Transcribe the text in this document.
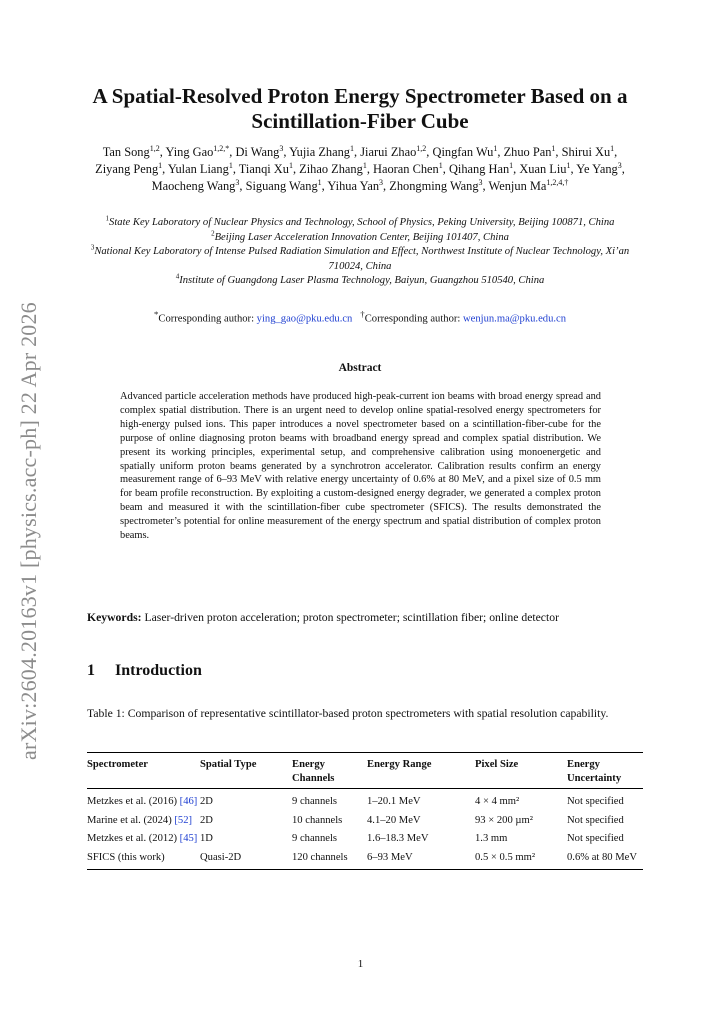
arXiv:2604.20163v1 [physics.acc-ph] 22 Apr 2026
A Spatial-Resolved Proton Energy Spectrometer Based on a Scintillation-Fiber Cube
Tan Song$^{1,2}$, Ying Gao$^{1,2,*}$, Di Wang$^3$, Yujia Zhang$^1$, Jiarui Zhao$^{1,2}$, Qingfan Wu$^1$, Zhuo Pan$^1$, Shirui Xu$^1$, Ziyang Peng$^1$, Yulan Liang$^1$, Tianqi Xu$^1$, Zihao Zhang$^1$, Haoran Chen$^1$, Qihang Han$^1$, Xuan Liu$^1$, Ye Yang$^3$, Maocheng Wang$^3$, Siguang Wang$^1$, Yihua Yan$^3$, Zhongming Wang$^3$, Wenjun $Ma^{1,2,4,\dagger}$
$^1$State Key Laboratory of Nuclear Physics and Technology, School of Physics, Peking University, Beijing 100871, China
$^2$Beijing Laser Acceleration Innovation Center, Beijing 101407, China
$^3$National Key Laboratory of Intense Pulsed Radiation Simulation and Effect, Northwest Institute of Nuclear Technology, Xi’an 710024, China
$^4$Institute of Guangdong Laser Plasma Technology, Baiyun, Guangzhou 510540, China
*Corresponding author: ying_gao@pku.edu.cn †Corresponding author: wenjun.ma@pku.edu.cn
Abstract
Advanced particle acceleration methods have produced high-peak-current ion beams with broad energy spread and complex spatial distribution. There is an urgent need to develop online spatial-resolved energy spectrometers for high-energy pulsed ions. This paper introduces a novel spectrometer based on a scintillation-fiber-cube for the purpose of online diagnosing proton beams with broadband energy spread and complex spatial distribution. We present its working principles, experimental setup, and comprehensive calibration using monoenergetic and spatially uniform proton beams generated by a synchrotron accelerator. Calibration results confirm an energy measurement range of 6–93 MeV with relative energy uncertainty of 0.6% at 80 MeV, and a pixel size of 0.5 mm for beam profile reconstruction. By exploiting a custom-designed energy degrader, we generated a complex proton beam and measured it with the scintillation-fiber cube spectrometer (SFICS). The results demonstrated the spectrometer’s potential for online measurement of the energy spectrum and spatial distribution of complex proton beams.
Keywords: Laser-driven proton acceleration; proton spectrometer; scintillation fiber; online detector
1 Introduction
Table 1: Comparison of representative scintillator-based proton spectrometers with spatial resolution capability.
Spectrometer	Spatial Type	Energy Channels	Energy Range	Pixel Size	Energy Uncertainty
Metzkes et al. (2016) [46]	2D	9 channels	1–20.1 MeV	4 × 4 mm²	Not specified
Marine et al. (2024) [52]	2D	10 channels	4.1–20 MeV	93 × 200 µm²	Not specified
Metzkes et al. (2012) [45]	1D	9 channels	1.6–18.3 MeV	1.3 mm	Not specified
SFICS (this work)	Quasi-2D	120 channels	6–93 MeV	0.5 × 0.5 mm²	0.6% at 80 MeV
1
